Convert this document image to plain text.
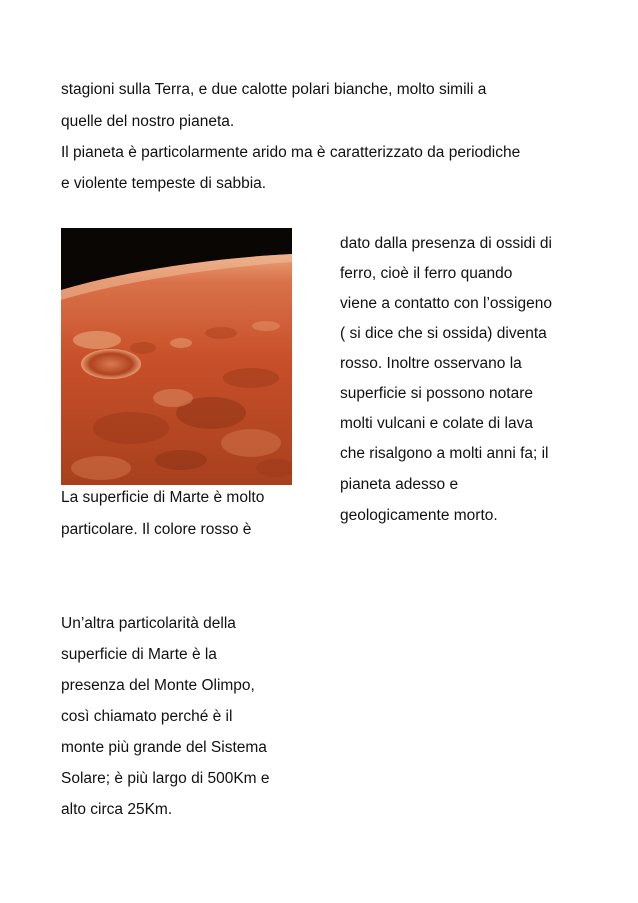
stagioni sulla Terra, e due calotte polari bianche, molto simili a
quelle del nostro pianeta.
Il pianeta è particolarmente arido ma è caratterizzato da periodiche
e violente tempeste di sabbia.
La superficie di Marte è molto
particolare. Il colore rosso è
dato dalla presenza di ossidi di
ferro, cioè il ferro quando
viene a contatto con l’ossigeno
( si dice che si ossida) diventa
rosso. Inoltre osservano la
superficie si possono notare
molti vulcani e colate di lava
che risalgono a molti anni fa; il
pianeta adesso e
geologicamente morto.
Un’altra particolarità della
superficie di Marte è la
presenza del Monte Olimpo,
così chiamato perché è il
monte più grande del Sistema
Solare; è più largo di 500Km e
alto circa 25Km.
